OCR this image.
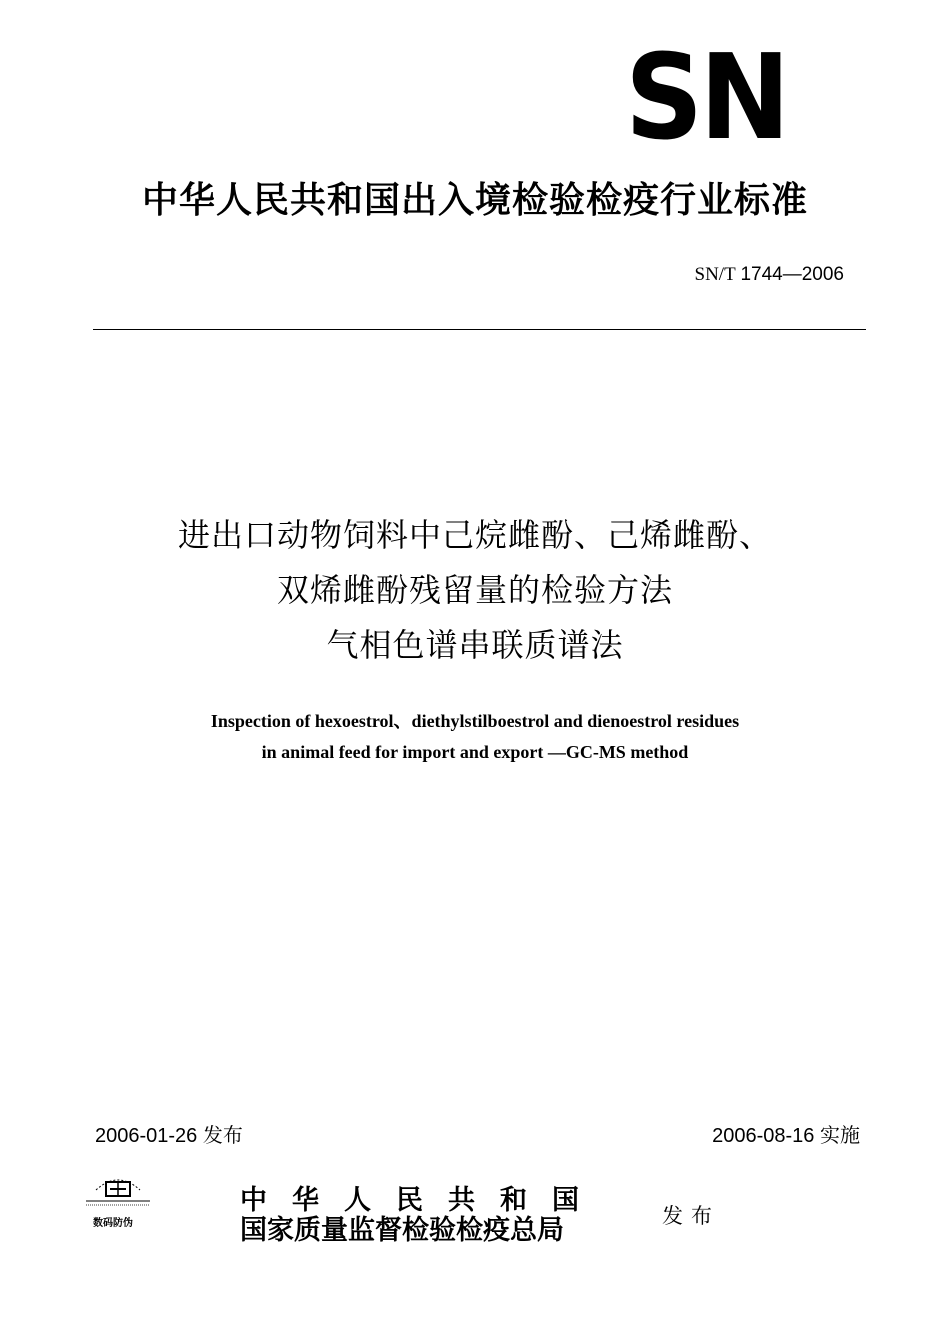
SN
中华人民共和国出入境检验检疫行业标准
SN/T 1744—2006
进出口动物饲料中己烷雌酚、己烯雌酚、
双烯雌酚残留量的检验方法
气相色谱串联质谱法
Inspection of hexoestrol、diethylstilboestrol and dienoestrol residues
in animal feed for import and export —GC-MS method
2006-01-26 发布	2006-08-16 实施
数码防伪
中华人民共和国
国家质量监督检验检疫总局	发布
